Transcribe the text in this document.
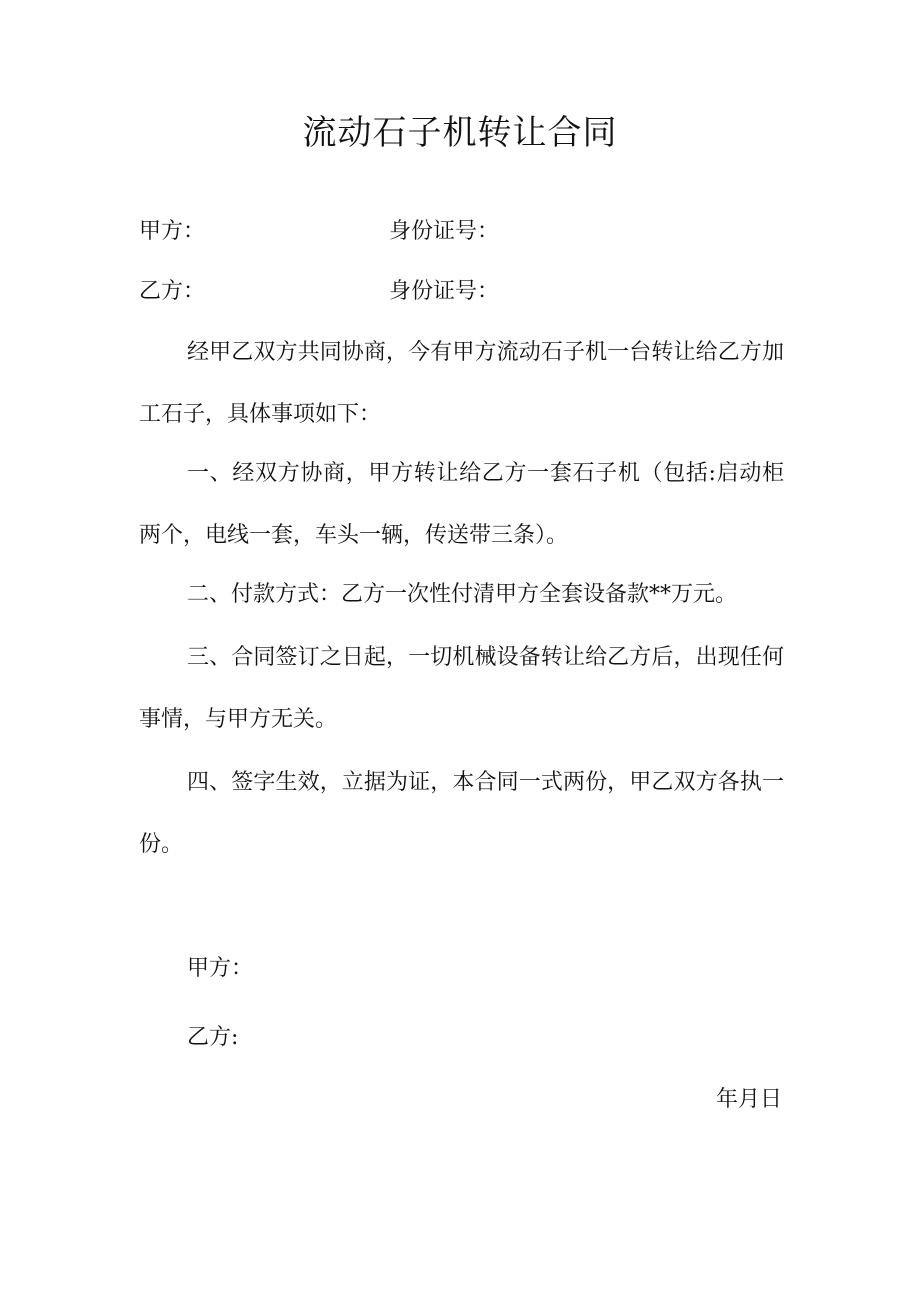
流动石子机转让合同
甲方：	身份证号：
乙方：	身份证号：
经甲乙双方共同协商，今有甲方流动石子机一台转让给乙方加工石子，具体事项如下：
一、经双方协商，甲方转让给乙方一套石子机（包括:启动柜两个，电线一套，车头一辆，传送带三条）。
二、付款方式：乙方一次性付清甲方全套设备款**万元。
三、合同签订之日起，一切机械设备转让给乙方后，出现任何事情，与甲方无关。
四、签字生效，立据为证，本合同一式两份，甲乙双方各执一份。
甲方：
乙方:
年月日
